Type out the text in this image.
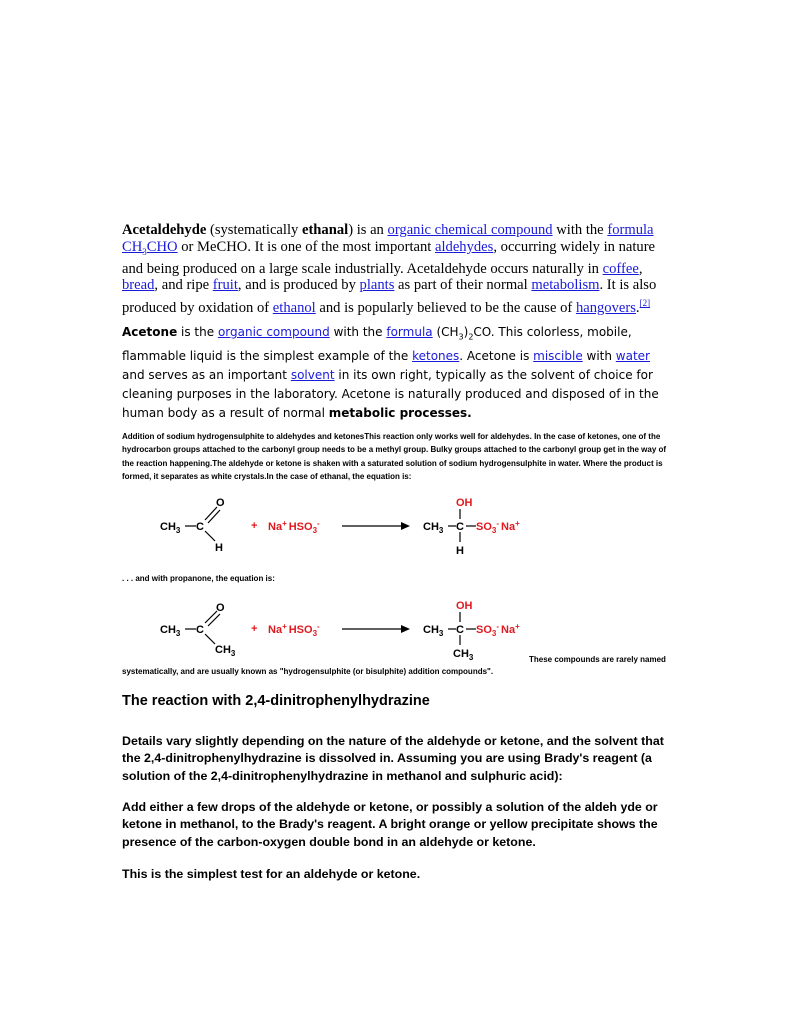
Acetaldehyde (systematically ethanal) is an organic chemical compound with the formula $CH_3CHO$ or MeCHO. It is one of the most important aldehydes, occurring widely in nature and being produced on a large scale industrially. Acetaldehyde occurs naturally in coffee, bread, and ripe fruit, and is produced by plants as part of their normal metabolism. It is also produced by oxidation of ethanol and is popularly believed to be the cause of hangovers.[2]
Acetone is the organic compound with the formula $(CH_3)_2CO$. This colorless, mobile, flammable liquid is the simplest example of the ketones. Acetone is miscible with water and serves as an important solvent in its own right, typically as the solvent of choice for cleaning purposes in the laboratory. Acetone is naturally produced and disposed of in the human body as a result of normal metabolic processes.
Addition of sodium hydrogensulphite to aldehydes and ketonesThis reaction only works well for aldehydes. In the case of ketones, one of the hydrocarbon groups attached to the carbonyl group needs to be a methyl group. Bulky groups attached to the carbonyl group get in the way of the reaction happening.The aldehyde or ketone is shaken with a saturated solution of sodium hydrogensulphite in water. Where the product is formed, it separates as white crystals.In the case of ethanal, the equation is:
$CH_3$ C
O
H
+ Na+ $HSO_3^-$	$CH_3$ C
OH
H
$SO_3^-$ Na+
. . . and with propanone, the equation is:
$CH_3$ C
O
$CH_3$
+ Na+ $HSO_3^-$	$CH_3$ C
OH
$CH_3$
$SO_3^-$ Na+
These compounds are rarely named
systematically, and are usually known as "hydrogensulphite (or bisulphite) addition compounds".
The reaction with 2,4-dinitrophenylhydrazine
Details vary slightly depending on the nature of the aldehyde or ketone, and the solvent that the 2,4-dinitrophenylhydrazine is dissolved in. Assuming you are using Brady's reagent (a solution of the 2,4-dinitrophenylhydrazine in methanol and sulphuric acid):
Add either a few drops of the aldehyde or ketone, or possibly a solution of the aldeh yde or ketone in methanol, to the Brady's reagent. A bright orange or yellow precipitate shows the presence of the carbon-oxygen double bond in an aldehyde or ketone.
This is the simplest test for an aldehyde or ketone.
